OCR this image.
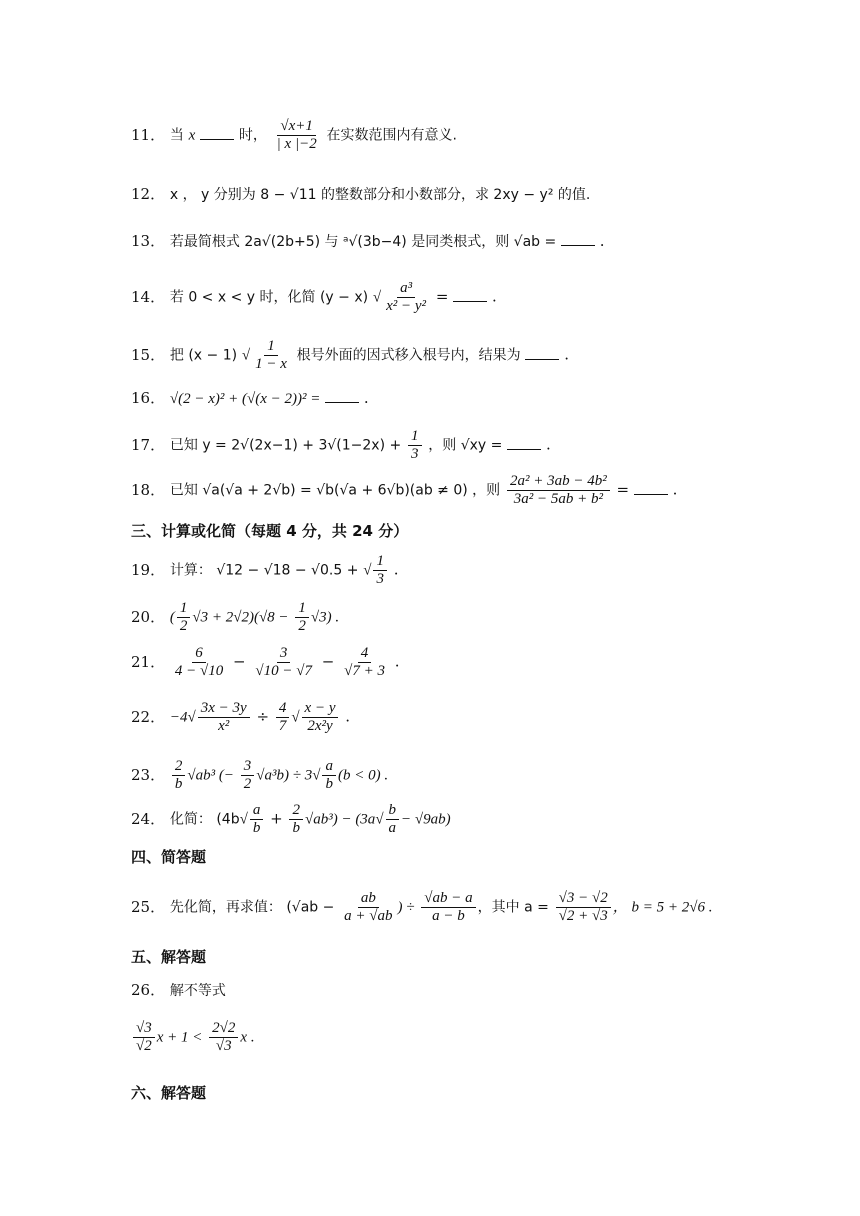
11． 当 x	时， $\frac{√x+1}{| x |-2}$ 在实数范围内有意义.
12． x ， y 分别为 8 − √11 的整数部分和小数部分，求 2xy − y² 的值.
13． 若最简根式 2a√(2b+5) 与 ᵃ√(3b−4) 是同类根式，则 √ab =	.
14． 若 0 < x < y 时，化简 (y − x) √ $\frac{\text{a³}}{\text{x² − y²}}$ =	.
15． 把 (x − 1) √ $\frac{1}{1 - x}$ 根号外面的因式移入根号内，结果为	.
16． √(2 − x)² + (√(x − 2))² =	.
17． 已知 $y = 2√(2x-1) + 3√(1-2x) + \frac{1}{3}$ ，则 √xy =	.
18． 已知 √a(√a + 2√b) = √b(√a + 6√b)(ab ≠ 0) ，则 $\frac{\text{2a² + 3ab − 4b²}}{\text{3a² − 5ab + b²}}$ =	.
三、计算或化简（每题 4 分，共 24 分）
19． 计算： √12 − √18 − √0.5 + √ $\frac{1}{3}$ .
20． ( $\frac{1}{2} √3 + 2√2)(√8 - \frac{1}{2} √3)$ .
21． $\frac{6}{4 - √10} - \frac{3}{√10 - √7} - \frac{4}{√7 + 3}$ .
22． $-4√ \frac{3x - 3y}{\text{x²}} \div \frac{4}{7}$ √ $\frac{x - y}{\text{2x²y}}$ .
23． $\frac{2}{b} √ab^3$ (− $\frac{3}{2} √a^3b) \div 3√ \frac{a}{b} (b < 0)$ .
24． 化简： $(4b√ \frac{a}{b} + \frac{2}{b} √ab^3) - (3a√ \frac{b}{a} - √9ab)$
四、简答题
25． 先化简，再求值： ($√ab - \frac{ab}{a + √ab}$ ) ÷ $\frac{√ab - a}{a - b}$ ，其中 $a = \frac{√3 - √2}{√2 + √3}$ ， b = 5 + 2√6 .
五、解答题
26． 解不等式
$\frac{√3}{√2}$ $x + 1 < \frac{2√2}{√3}$ x .
六、解答题
